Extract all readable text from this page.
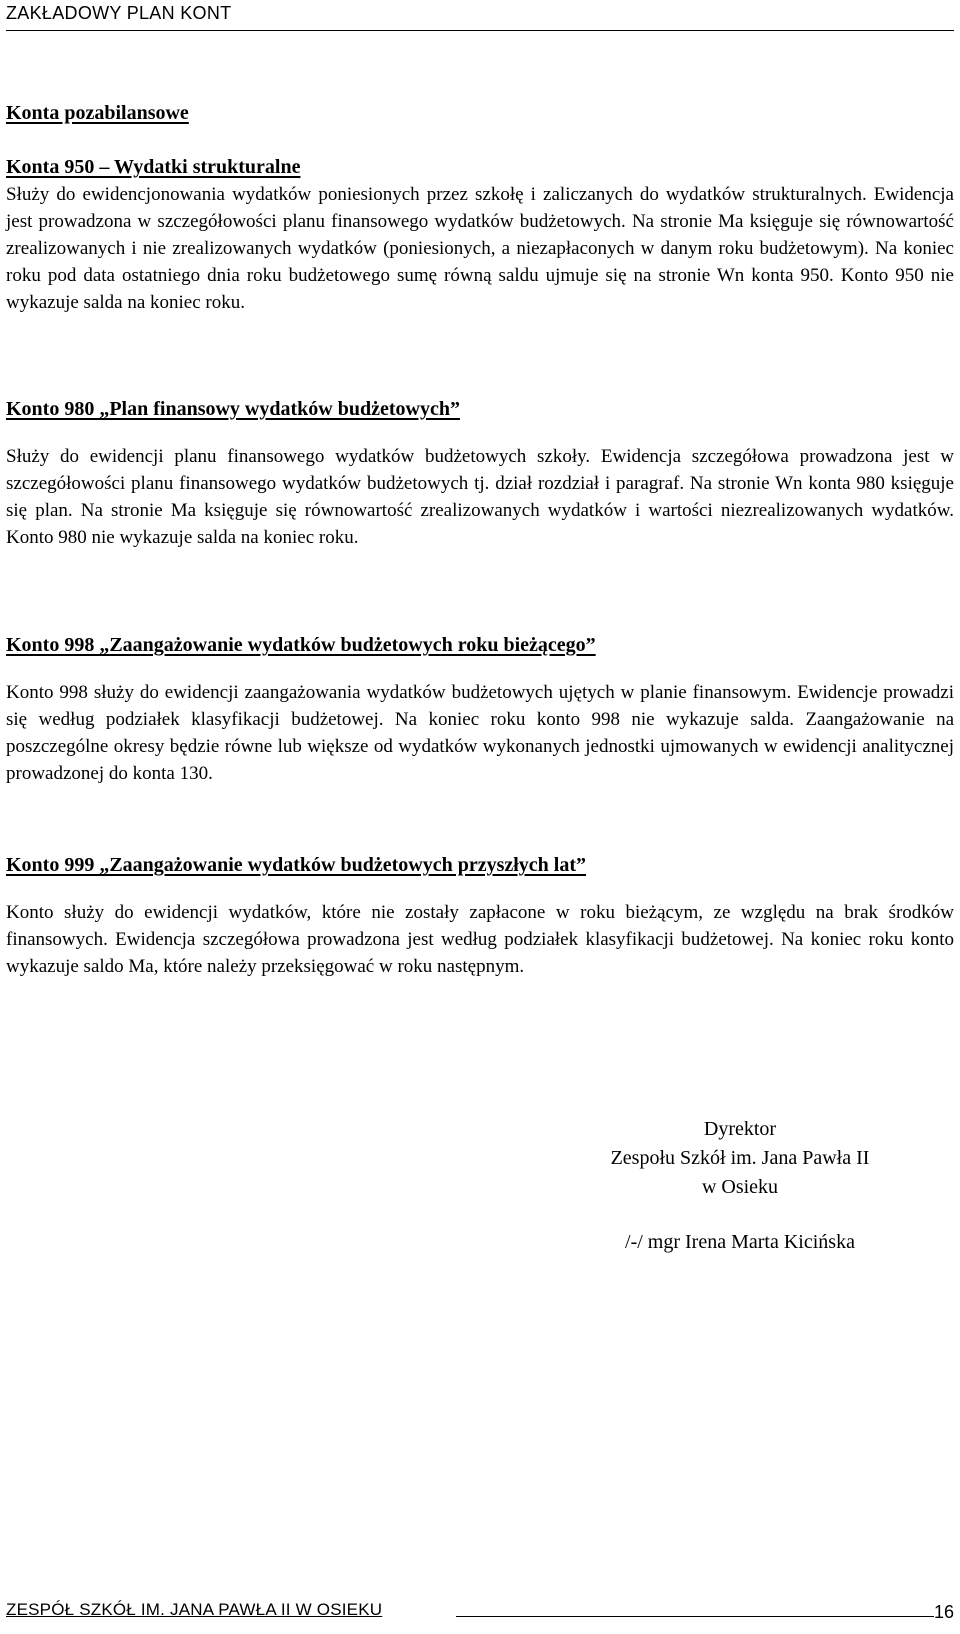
ZAKŁADOWY PLAN KONT
Konta pozabilansowe
Konta 950 – Wydatki strukturalne

Służy do ewidencjonowania wydatków poniesionych przez szkołę i zaliczanych do wydatków strukturalnych. Ewidencja jest prowadzona w szczegółowości planu finansowego wydatków budżetowych. Na stronie Ma księguje się równowartość zrealizowanych i nie zrealizowanych wydatków (poniesionych, a niezapłaconych w danym roku budżetowym). Na koniec roku pod data ostatniego dnia roku budżetowego sumę równą saldu ujmuje się na stronie Wn konta 950. Konto 950 nie wykazuje salda na koniec roku.

Konto 980 „Plan finansowy wydatków budżetowych”

Służy do ewidencji planu finansowego wydatków budżetowych szkoły. Ewidencja szczegółowa prowadzona jest w szczegółowości planu finansowego wydatków budżetowych tj. dział rozdział i paragraf. Na stronie Wn konta 980 księguje się plan. Na stronie Ma księguje się równowartość zrealizowanych wydatków i wartości niezrealizowanych wydatków. Konto 980 nie wykazuje salda na koniec roku.

Konto 998 „Zaangażowanie wydatków budżetowych roku bieżącego”

Konto 998 służy do ewidencji zaangażowania wydatków budżetowych ujętych w planie finansowym. Ewidencje prowadzi się według podziałek klasyfikacji budżetowej. Na koniec roku konto 998 nie wykazuje salda. Zaangażowanie na poszczególne okresy będzie równe lub większe od wydatków wykonanych jednostki ujmowanych w ewidencji analitycznej prowadzonej do konta 130.

Konto 999 „Zaangażowanie wydatków budżetowych przyszłych lat”

Konto służy do ewidencji wydatków, które nie zostały zapłacone w roku bieżącym, ze względu na brak środków finansowych. Ewidencja szczegółowa prowadzona jest według podziałek klasyfikacji budżetowej. Na koniec roku konto wykazuje saldo Ma, które należy przeksięgować w roku następnym.

Dyrektor
Zespołu Szkół im. Jana Pawła II
w Osieku
/-/ mgr Irena Marta Kicińska
ZESPÓŁ SZKÓŁ IM. JANA PAWŁA II W OSIEKU	16
